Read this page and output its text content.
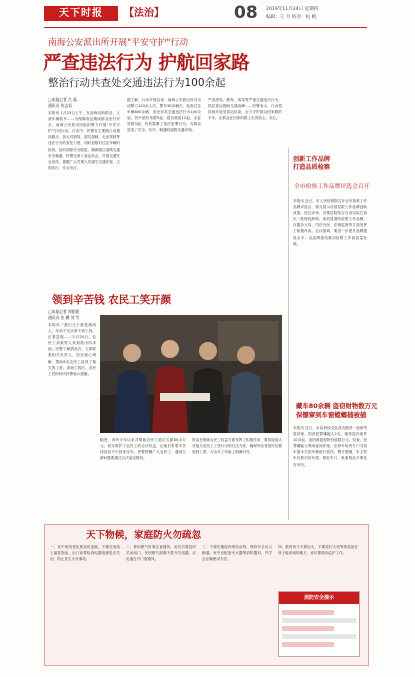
天下时报	【法治】	08 2019年11月24日 星期四
编辑：王 月 校对：杭 帆
南海公安派出所开展"平安守护"行动
严查违法行为 护航回家路
整治行动共查处交通违法行为100余起
□本报记者 吕 磊
通讯员 张志恒
本报讯 1月23日上午，在南海岛屿附近，人流车辆较多……为保障春运期间群众出行安全，南海公安派出所组织警力开展"平安守护"专项行动。行动中，民警在主要路口设置执勤点，加大对酒驾、超员超载、无证驾驶等违法行为的查处力度，同时加强对过往车辆的检查，及时消除安全隐患，确保辖区道路交通安全畅通。民警还深入客运站点，开展交通安全宣传，提醒广大司乘人员遵守交通法规，文明出行、安全出行。
据了解，行动开展以来，南海公安派出所共出动警力120余人次，警车30余辆次，检查过往车辆800余辆，查处各类交通违法行为100余起，其中酒后驾驶5起、超员载客12起、无证驾驶3起，有效震慑了违法犯罪行为，为群众营造了安全、有序、畅通的道路交通环境。
严查酒驾、醉驾、毒驾等严重交通违法行为，抓住春运期间交通高峰……民警表示，行动将持续开展至春运结束，全力守护群众回家路的平安，让群众在回家的路上走得放心、安心。
领到辛苦钱 农民工笑开颜
□本报记者 周阳阳
通讯员 张 鹏 刘 雪
本报讯 "我们几个都是湘西人，年前干完活拿不到工钱，正着急呢……"1月20日，农民工刘某等人来到派出所求助。民警了解情况后，立即联系相关负责人，经过耐心调解，帮助8名农民工追回了拖欠的工资。拿到工钱后，农民工们纷纷向民警表示感谢。
据悉，该所今年以来共帮助农民工追讨欠薪80余万元，切实维护了农民工的合法权益，让他们带着辛苦钱高高兴兴回家过年。民警提醒广大农民工，遇到欠薪问题要通过合法途径维权。
资金在保障农民工权益方面发挥了积极作用，要持续加大对拖欠农民工工资行为的打击力度，确保劳动者按时足额领到工资，为全年工作画上圆满句号。
创新工作品牌
打造品质检察
全市检察工作品牌评选会召开
本报讯 近日，市人民检察院召开全市检察工作品牌评选会，重点展示各基层院工作品牌创新成果。经过评审，各基层院结合自身实际打造出一批特色鲜明、成效显著的检察工作品牌，在服务大局、司法为民、法律监督等方面发挥了积极作用。会议强调，要进一步提升品牌建设水平，以品牌建设推动检察工作高质量发展。
藏车80余辆 盗窃财物数万元
保镖窜到车窗螳螂捕被捕
本报讯 近日，市局刑侦支队成功破获一起系列盗窃案，抓获犯罪嫌疑人2名，破获盗窃案件10余起，追回被盗财物价值数万元。经查，犯罪嫌疑人利用夜间作案，在停车场内专门寻找车窗未关的车辆进行盗窃。警方提醒，车主停车后要关好车窗、锁好车门，贵重物品不要放在车内。
天下物候，家庭防火勿疏忽
一、家中电线老化要及时更换，不要在电线上悬挂物品，出门前要检查电器电源是否关闭，防止发生火灾事故。
二、使用燃气时要注意通风，用完后要及时关闭阀门，发现燃气泄漏不要开关电器，应迅速打开门窗通风。
三、不要在楼道内堆放杂物，保持安全出口畅通。家中应配备灭火器等消防器材，并学会正确使用方法。
四、教育孩子不要玩火，不要将打火机等物品放在孩子能拿到的地方，家长要做好监护工作。
消防安全提示
